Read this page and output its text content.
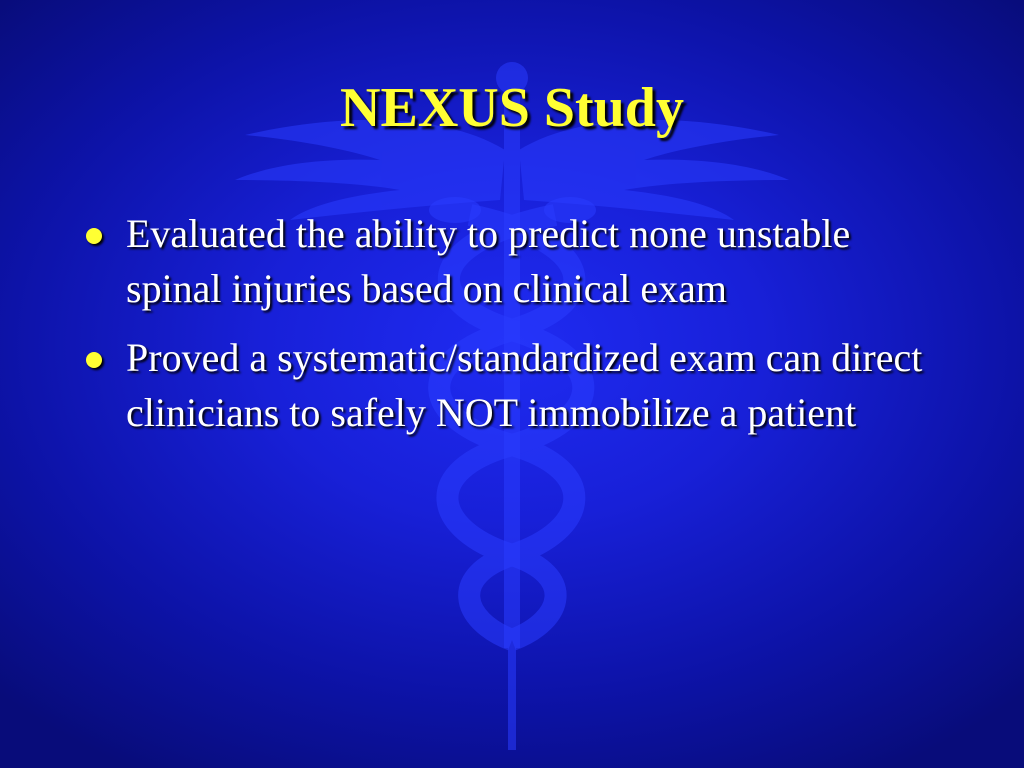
NEXUS Study
Evaluated the ability to predict none unstable spinal injuries based on clinical exam
Proved a systematic/standardized exam can direct clinicians to safely NOT immobilize a patient
